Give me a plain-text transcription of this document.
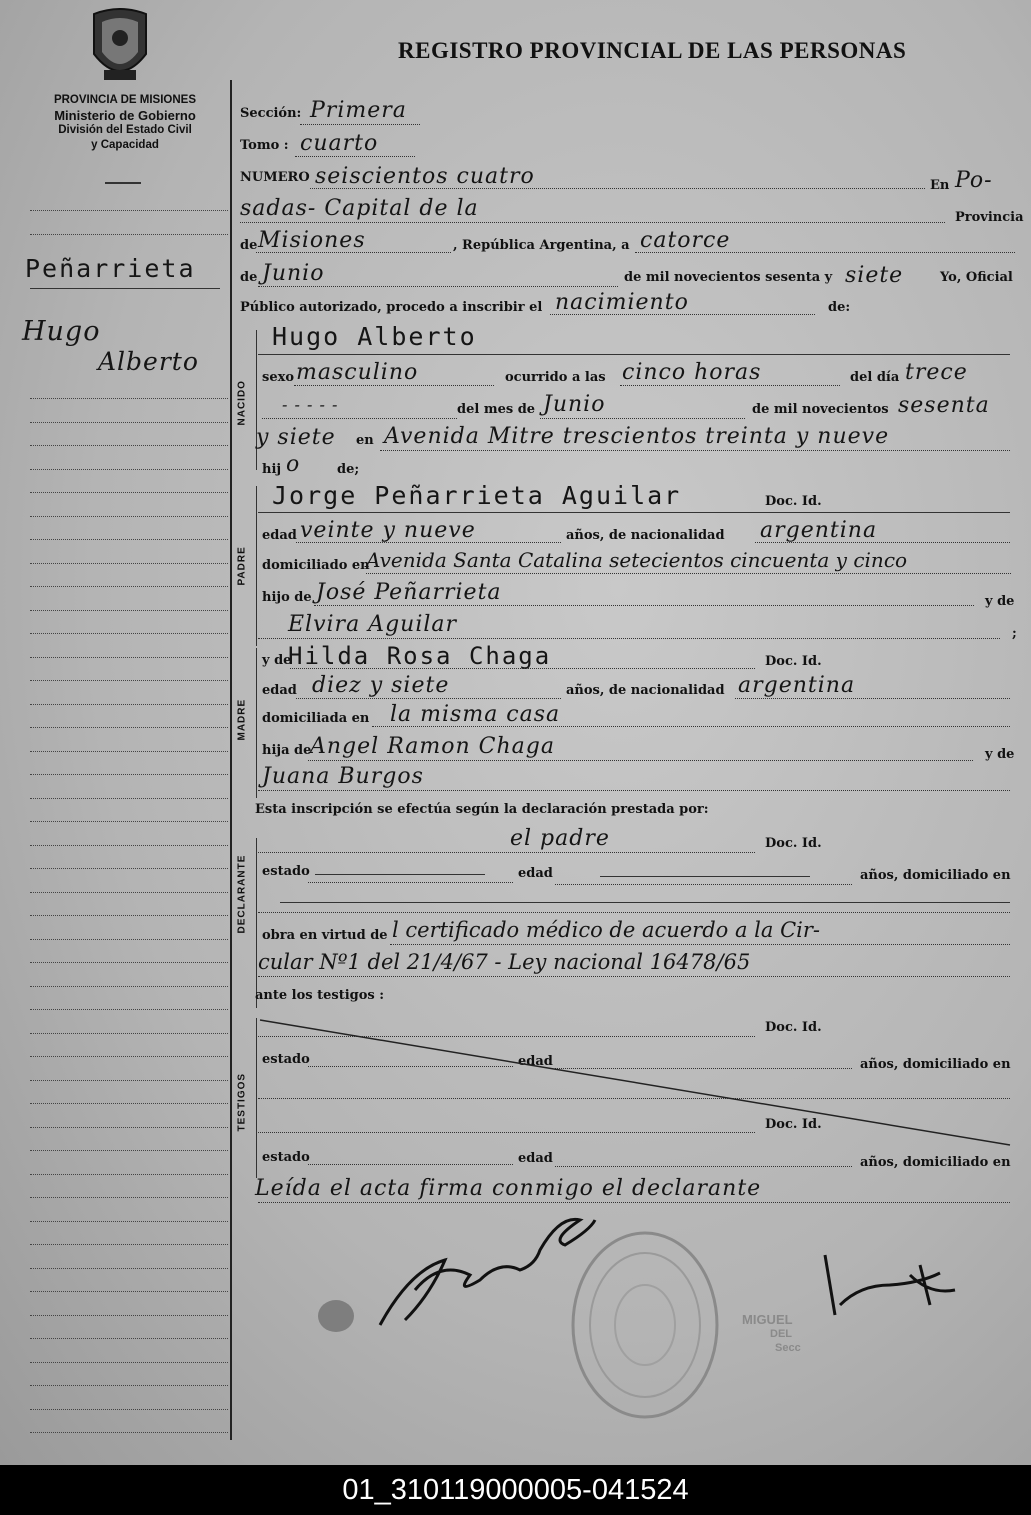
PROVINCIA DE MISIONES
Ministerio de Gobierno
División del Estado Civil
y Capacidad
REGISTRO PROVINCIAL DE LAS PERSONAS
Peñarrieta
Hugo
Alberto
Sección: Primera
Tomo : cuarto
NUMERO seiscientos cuatro	En Po-
sadas- Capital de la	Provincia
de Misiones	, República Argentina, a catorce
de Junio	de mil novecientos sesenta y siete	Yo, Oficial
Público autorizado, procedo a inscribir el nacimiento	de:
Hugo Alberto
NACIDO
sexo masculino	ocurrido a las cinco horas	del día trece
- - - - -	del mes de Junio	de mil novecientos sesenta
y siete en Avenida Mitre trescientos treinta y nueve
hij o	de;
Jorge Peñarrieta Aguilar	Doc. Id.
PADRE
edad veinte y nueve	años, de nacionalidad argentina
domiciliado en
Avenida Santa Catalina setecientos cincuenta y cinco
hijo de José Peñarrieta	y de
Elvira Aguilar	;
y de
Hilda Rosa Chaga	Doc. Id.
MADRE
edad diez y siete	años, de nacionalidad argentina
domiciliada en la misma casa
hija de
Angel Ramon Chaga	y de
Juana Burgos
Esta inscripción se efectúa según la declaración prestada por:
el padre	Doc. Id.
DECLARANTE estado	edad	años, domiciliado en
obra en virtud de l certificado médico de acuerdo a la Cir-
cular Nº1 del 21/4/67 - Ley nacional 16478/65
ante los testigos :
Doc. Id.
TESTIGOS
estado	edad	años, domiciliado en
Doc. Id.
estado	edad	años, domiciliado en
Leída el acta firma conmigo el declarante
MIGUEL
DEL
Secc
01_310119000005-041524
